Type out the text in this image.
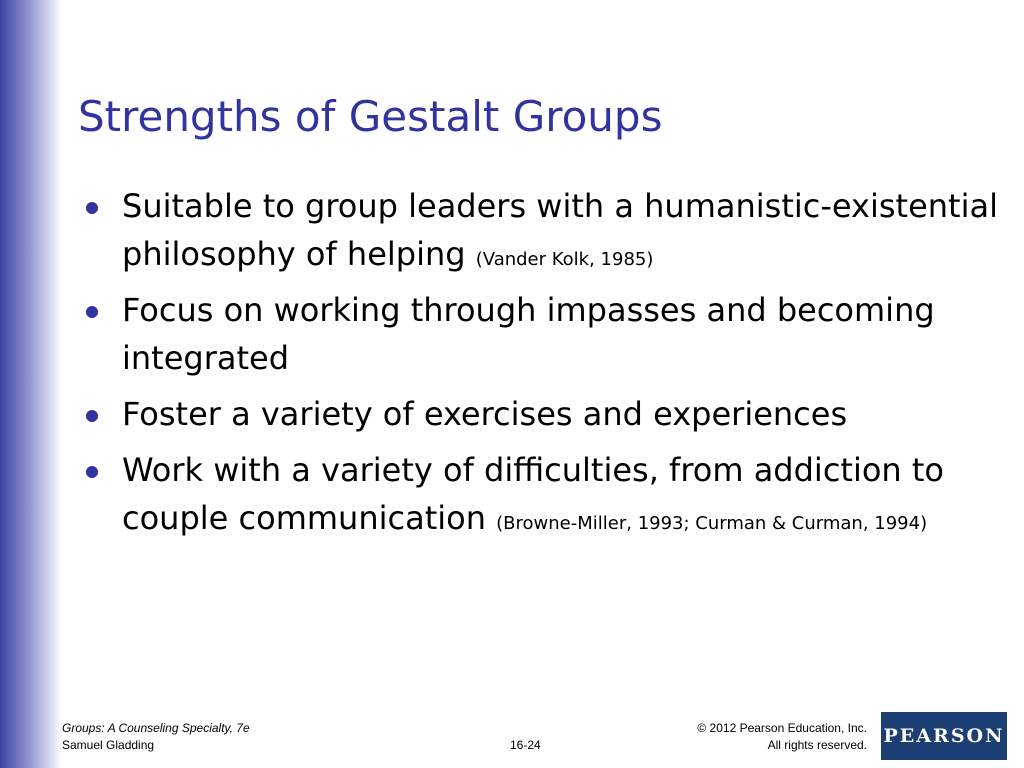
Strengths of Gestalt Groups
Suitable to group leaders with a humanistic-existential philosophy of helping (Vander Kolk, 1985)
Focus on working through impasses and becoming integrated
Foster a variety of exercises and experiences
Work with a variety of difficulties, from addiction to couple communication (Browne-Miller, 1993; Curman & Curman, 1994)
Groups: A Counseling Specialty, 7e
Samuel Gladding	16-24
© 2012 Pearson Education, Inc.
All rights reserved. PEARSON
